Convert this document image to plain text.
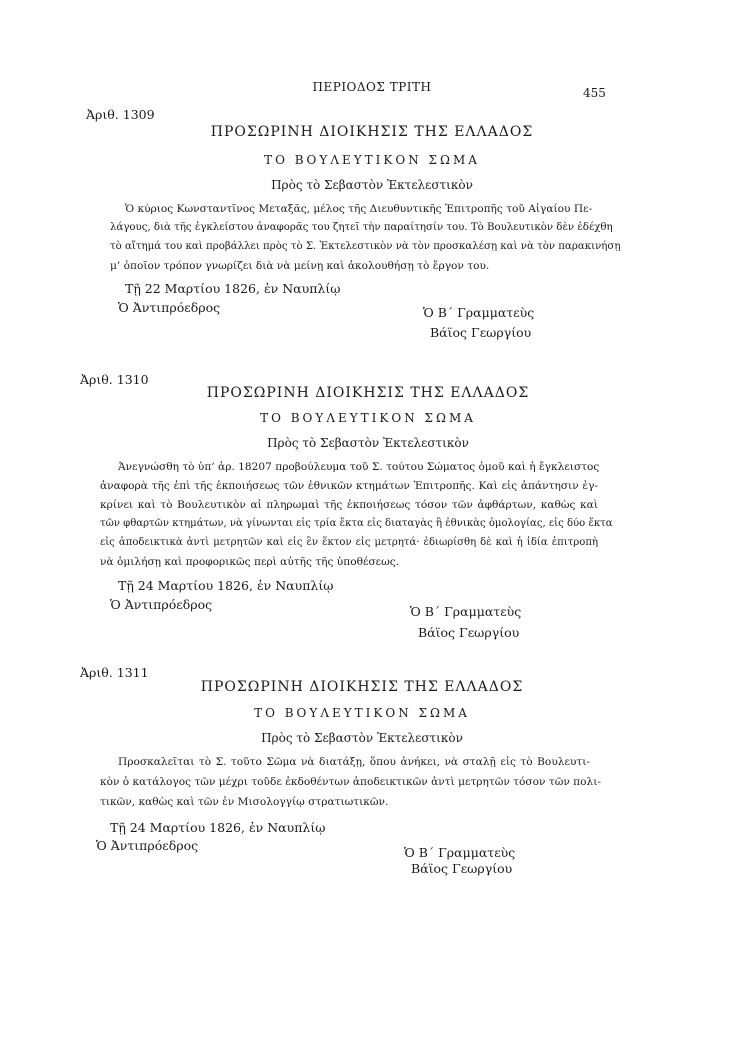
ΠΕΡΙΟΔΟΣ ΤΡΙΤΗ	455
Ἀριθ. 1309
ΠΡΟΣΩΡΙΝΗ ΔΙΟΙΚΗΣΙΣ ΤΗΣ ΕΛΛΑΔΟΣ
ΤΟ ΒΟΥΛΕΥΤΙΚΟΝ ΣΩΜΑ
Πρὸς τὸ Σεβαστὸν Ἐκτελεστικὸν
Ὁ κύριος Κωνσταντῖνος Μεταξᾶς, μέλος τῆς Διευθυντικῆς Ἐπιτροπῆς τοῦ Αἰγαίου Πε-
λάγους, διὰ τῆς ἐγκλείστου ἀναφορᾶς του ζητεῖ τὴν παραίτησίν του. Τὸ Βουλευτικὸν δὲν ἐδέχθη
τὸ αἴτημά του καὶ προβάλλει πρὸς τὸ Σ. Ἐκτελεστικὸν νὰ τὸν προσκαλέσῃ καὶ νὰ τὸν παρακινήσῃ
μ’ ὁποῖον τρόπον γνωρίζει διὰ νὰ μείνῃ καὶ ἀκολουθήσῃ τὸ ἔργον του.
Τῇ 22 Μαρτίου 1826, ἐν Ναυπλίῳ
Ὁ Ἀντιπρόεδρος	Ὁ Β΄ Γραμματεὺς
Βάϊος Γεωργίου
Ἀριθ. 1310
ΠΡΟΣΩΡΙΝΗ ΔΙΟΙΚΗΣΙΣ ΤΗΣ ΕΛΛΑΔΟΣ
ΤΟ ΒΟΥΛΕΥΤΙΚΟΝ ΣΩΜΑ
Πρὸς τὸ Σεβαστὸν Ἐκτελεστικὸν
Ἀνεγνώσθη τὸ ὑπ’ ἀρ. 18207 προβούλευμα τοῦ Σ. τούτου Σώματος ὁμοῦ καὶ ἡ ἔγκλειστος
ἀναφορὰ τῆς ἐπὶ τῆς ἐκποιήσεως τῶν ἐθνικῶν κτημάτων Ἐπιτροπῆς. Καὶ εἰς ἀπάντησιν ἐγ-
κρίνει καὶ τὸ Βουλευτικὸν αἱ πληρωμαὶ τῆς ἐκποιήσεως τόσον τῶν ἀφθάρτων, καθὼς καὶ
τῶν φθαρτῶν κτημάτων, νὰ γίνωνται εἰς τρία ἕκτα εἰς διαταγὰς ἢ ἐθνικὰς ὁμολογίας, εἰς δύο ἕκτα
εἰς ἀποδεικτικὰ ἀντὶ μετρητῶν καὶ εἰς ἓν ἕκτον εἰς μετρητά· ἐδιωρίσθη δὲ καὶ ἡ ἰδία ἐπιτροπὴ
νὰ ὁμιλήσῃ καὶ προφορικῶς περὶ αὐτῆς τῆς ὑποθέσεως.
Τῇ 24 Μαρτίου 1826, ἐν Ναυπλίῳ
Ὁ Ἀντιπρόεδρος	Ὁ Β΄ Γραμματεὺς
Βάϊος Γεωργίου
Ἀριθ. 1311
ΠΡΟΣΩΡΙΝΗ ΔΙΟΙΚΗΣΙΣ ΤΗΣ ΕΛΛΑΔΟΣ
ΤΟ ΒΟΥΛΕΥΤΙΚΟΝ ΣΩΜΑ
Πρὸς τὸ Σεβαστὸν Ἐκτελεστικὸν
Προσκαλεῖται τὸ Σ. τοῦτο Σῶμα νὰ διατάξῃ, ὅπου ἀνήκει, νὰ σταλῇ εἰς τὸ Βουλευτι-
κὸν ὁ κατάλογος τῶν μέχρι τοῦδε ἐκδοθέντων ἀποδεικτικῶν ἀντὶ μετρητῶν τόσον τῶν πολι-
τικῶν, καθὼς καὶ τῶν ἐν Μισολογγίῳ στρατιωτικῶν.
Τῇ 24 Μαρτίου 1826, ἐν Ναυπλίῳ
Ὁ Ἀντιπρόεδρος	Ὁ Β΄ Γραμματεὺς
Βάϊος Γεωργίου
